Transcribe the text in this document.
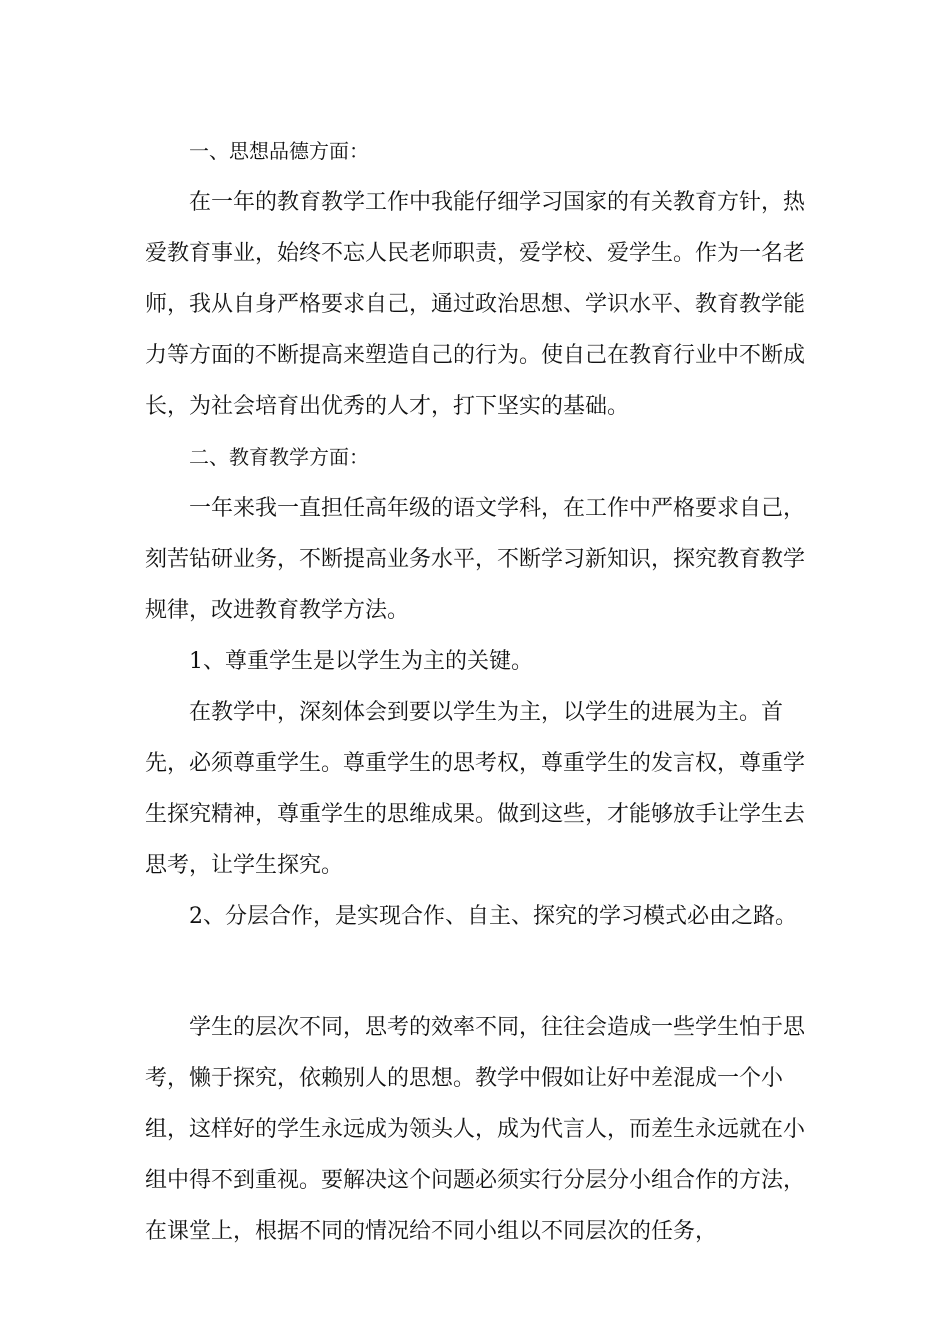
一、思想品德方面：

在一年的教育教学工作中我能仔细学习国家的有关教育方针，热爱教育事业，始终不忘人民老师职责，爱学校、爱学生。作为一名老师，我从自身严格要求自己，通过政治思想、学识水平、教育教学能力等方面的不断提高来塑造自己的行为。使自己在教育行业中不断成长，为社会培育出优秀的人才，打下坚实的基础。

二、教育教学方面：

一年来我一直担任高年级的语文学科，在工作中严格要求自己，刻苦钻研业务，不断提高业务水平，不断学习新知识，探究教育教学规律，改进教育教学方法。

1、尊重学生是以学生为主的关键。

在教学中，深刻体会到要以学生为主，以学生的进展为主。首先，必须尊重学生。尊重学生的思考权，尊重学生的发言权，尊重学生探究精神，尊重学生的思维成果。做到这些，才能够放手让学生去思考，让学生探究。

2、分层合作，是实现合作、自主、探究的学习模式必由之路。

学生的层次不同，思考的效率不同，往往会造成一些学生怕于思考，懒于探究，依赖别人的思想。教学中假如让好中差混成一个小组，这样好的学生永远成为领头人，成为代言人，而差生永远就在小组中得不到重视。要解决这个问题必须实行分层分小组合作的方法，在课堂上，根据不同的情况给不同小组以不同层次的任务，
